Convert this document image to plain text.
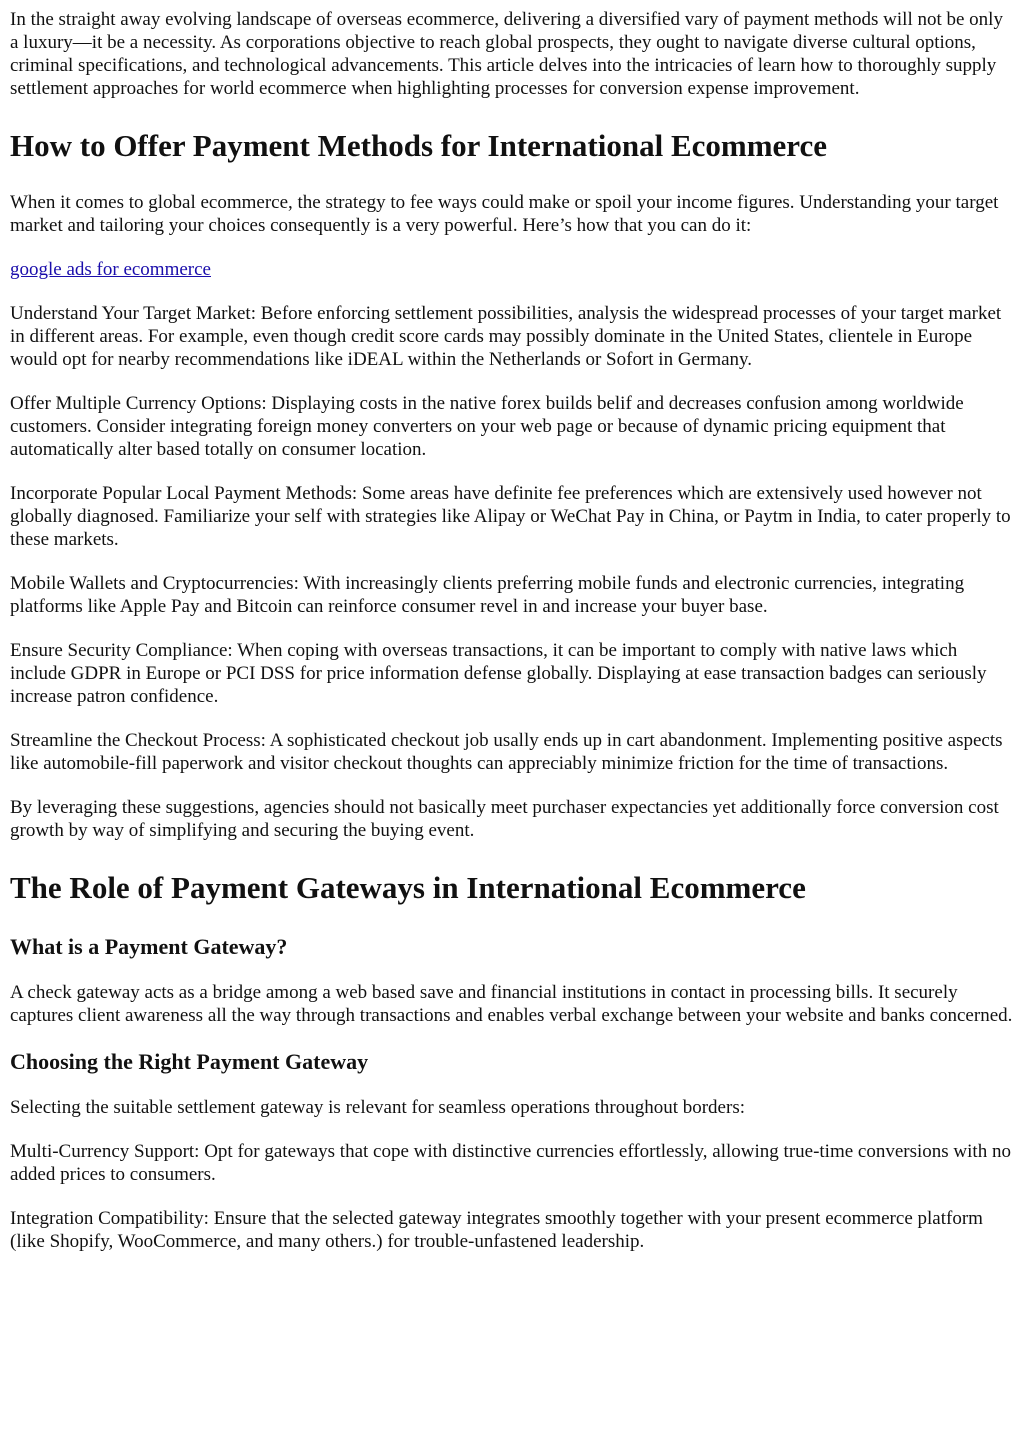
In the straight away evolving landscape of overseas ecommerce, delivering a diversified vary of payment methods will not be only a luxury—it be a necessity. As corporations objective to reach global prospects, they ought to navigate diverse cultural options, criminal specifications, and technological advancements. This article delves into the intricacies of learn how to thoroughly supply settlement approaches for world ecommerce when highlighting processes for conversion expense improvement.

How to Offer Payment Methods for International Ecommerce

When it comes to global ecommerce, the strategy to fee ways could make or spoil your income figures. Understanding your target market and tailoring your choices consequently is a very powerful. Here’s how that you can do it:

google ads for ecommerce

Understand Your Target Market: Before enforcing settlement possibilities, analysis the widespread processes of your target market in different areas. For example, even though credit score cards may possibly dominate in the United States, clientele in Europe would opt for nearby recommendations like iDEAL within the Netherlands or Sofort in Germany.

Offer Multiple Currency Options: Displaying costs in the native forex builds belif and decreases confusion among worldwide customers. Consider integrating foreign money converters on your web page or because of dynamic pricing equipment that automatically alter based totally on consumer location.

Incorporate Popular Local Payment Methods: Some areas have definite fee preferences which are extensively used however not globally diagnosed. Familiarize your self with strategies like Alipay or WeChat Pay in China, or Paytm in India, to cater properly to these markets.

Mobile Wallets and Cryptocurrencies: With increasingly clients preferring mobile funds and electronic currencies, integrating platforms like Apple Pay and Bitcoin can reinforce consumer revel in and increase your buyer base.

Ensure Security Compliance: When coping with overseas transactions, it can be important to comply with native laws which include GDPR in Europe or PCI DSS for price information defense globally. Displaying at ease transaction badges can seriously increase patron confidence.

Streamline the Checkout Process: A sophisticated checkout job usally ends up in cart abandonment. Implementing positive aspects like automobile-fill paperwork and visitor checkout thoughts can appreciably minimize friction for the time of transactions.

By leveraging these suggestions, agencies should not basically meet purchaser expectancies yet additionally force conversion cost growth by way of simplifying and securing the buying event.

The Role of Payment Gateways in International Ecommerce
What is a Payment Gateway?

A check gateway acts as a bridge among a web based save and financial institutions in contact in processing bills. It securely captures client awareness all the way through transactions and enables verbal exchange between your website and banks concerned.

Choosing the Right Payment Gateway

Selecting the suitable settlement gateway is relevant for seamless operations throughout borders:

Multi-Currency Support: Opt for gateways that cope with distinctive currencies effortlessly, allowing true-time conversions with no added prices to consumers.

Integration Compatibility: Ensure that the selected gateway integrates smoothly together with your present ecommerce platform (like Shopify, WooCommerce, and many others.) for trouble-unfastened leadership.
